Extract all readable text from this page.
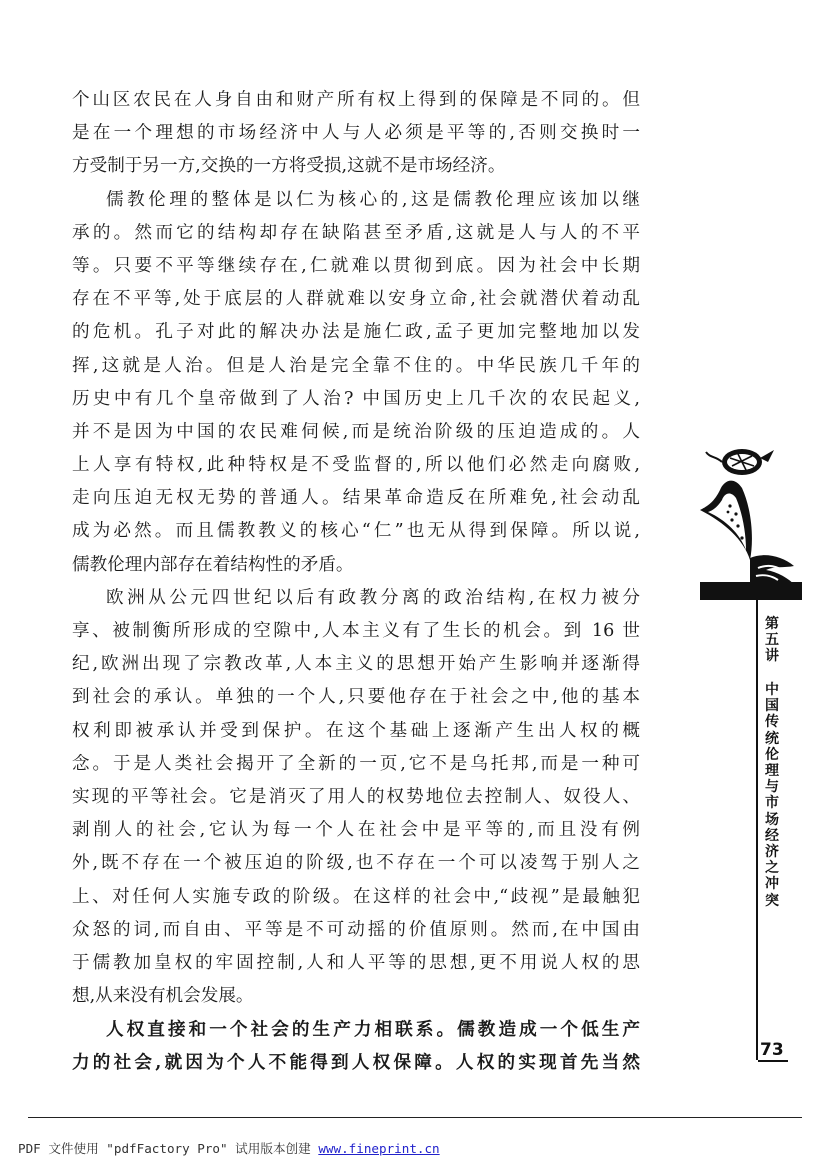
个山区农民在人身自由和财产所有权上得到的保障是不同的。但
是在一个理想的市场经济中人与人必须是平等的,否则交换时一
方受制于另一方,交换的一方将受损,这就不是市场经济。
儒教伦理的整体是以仁为核心的,这是儒教伦理应该加以继
承的。然而它的结构却存在缺陷甚至矛盾,这就是人与人的不平
等。只要不平等继续存在,仁就难以贯彻到底。因为社会中长期
存在不平等,处于底层的人群就难以安身立命,社会就潜伏着动乱
的危机。孔子对此的解决办法是施仁政,孟子更加完整地加以发
挥,这就是人治。但是人治是完全靠不住的。中华民族几千年的
历史中有几个皇帝做到了人治? 中国历史上几千次的农民起义,
并不是因为中国的农民难伺候,而是统治阶级的压迫造成的。人
上人享有特权,此种特权是不受监督的,所以他们必然走向腐败,
走向压迫无权无势的普通人。结果革命造反在所难免,社会动乱
成为必然。而且儒教教义的核心“仁”也无从得到保障。所以说,
儒教伦理内部存在着结构性的矛盾。
欧洲从公元四世纪以后有政教分离的政治结构,在权力被分
享、被制衡所形成的空隙中,人本主义有了生长的机会。到 16 世
纪,欧洲出现了宗教改革,人本主义的思想开始产生影响并逐渐得
到社会的承认。单独的一个人,只要他存在于社会之中,他的基本
权利即被承认并受到保护。在这个基础上逐渐产生出人权的概
念。于是人类社会揭开了全新的一页,它不是乌托邦,而是一种可
实现的平等社会。它是消灭了用人的权势地位去控制人、奴役人、
剥削人的社会,它认为每一个人在社会中是平等的,而且没有例
外,既不存在一个被压迫的阶级,也不存在一个可以凌驾于别人之
上、对任何人实施专政的阶级。在这样的社会中,“歧视”是最触犯
众怒的词,而自由、平等是不可动摇的价值原则。然而,在中国由
于儒教加皇权的牢固控制,人和人平等的思想,更不用说人权的思
想,从来没有机会发展。
人权直接和一个社会的生产力相联系。儒教造成一个低生产
力的社会,就因为个人不能得到人权保障。人权的实现首先当然
第五讲
中国传统伦理与市场经济之冲突
73
PDF 文件使用 "pdfFactory Pro" 试用版本创建 www.fineprint.cn
